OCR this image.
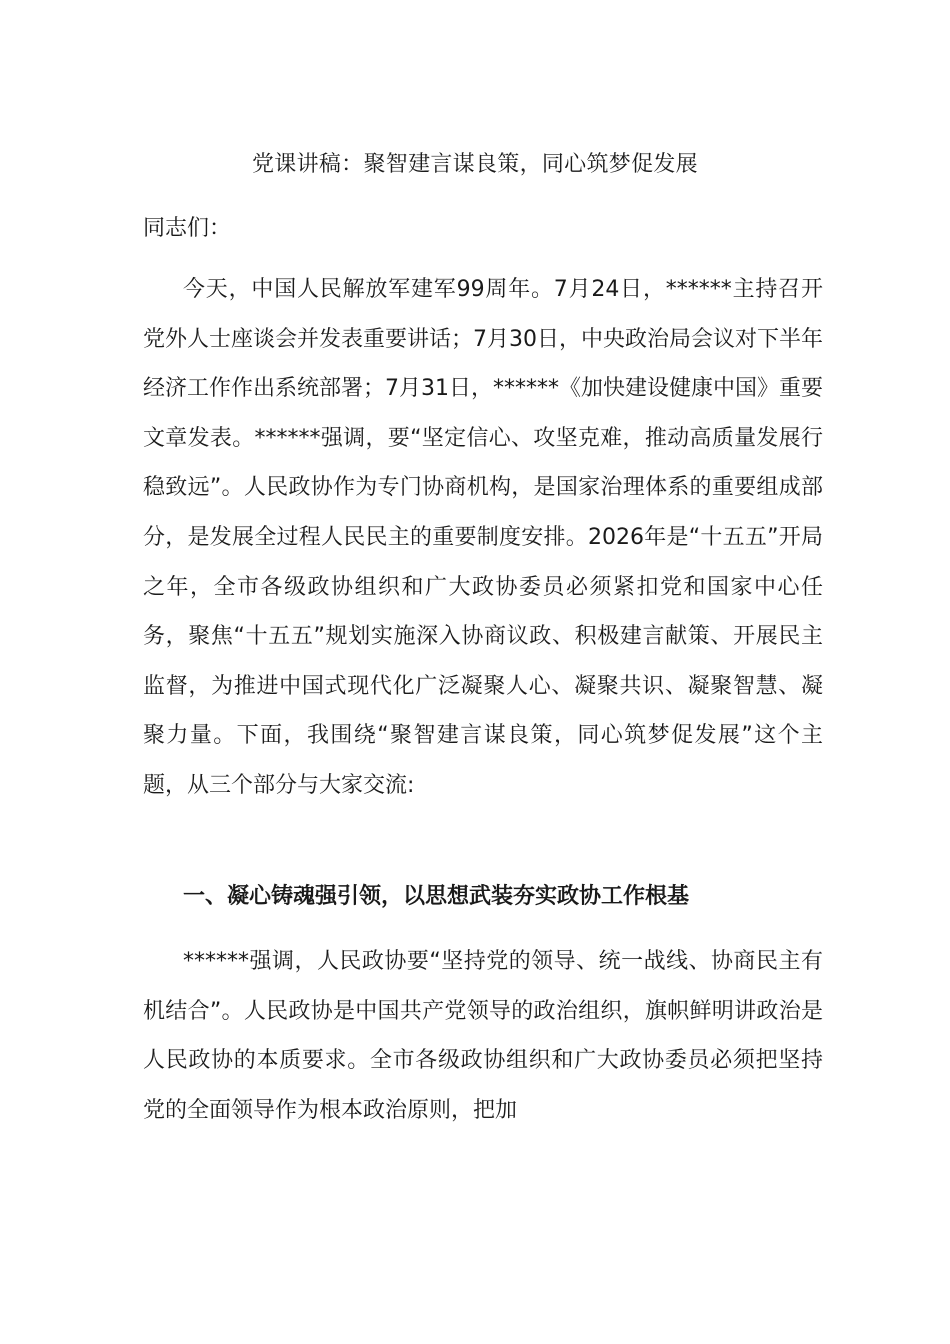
党课讲稿：聚智建言谋良策，同心筑梦促发展
同志们：

今天，中国人民解放军建军99周年。7月24日，******主持召开党外人士座谈会并发表重要讲话；7月30日，中央政治局会议对下半年经济工作作出系统部署；7月31日，******《加快建设健康中国》重要文章发表。******强调，要“坚定信心、攻坚克难，推动高质量发展行稳致远”。人民政协作为专门协商机构，是国家治理体系的重要组成部分，是发展全过程人民民主的重要制度安排。2026年是“十五五”开局之年，全市各级政协组织和广大政协委员必须紧扣党和国家中心任务，聚焦“十五五”规划实施深入协商议政、积极建言献策、开展民主监督，为推进中国式现代化广泛凝聚人心、凝聚共识、凝聚智慧、凝聚力量。下面，我围绕“聚智建言谋良策，同心筑梦促发展”这个主题，从三个部分与大家交流:

一、凝心铸魂强引领，以思想武装夯实政协工作根基

******强调，人民政协要“坚持党的领导、统一战线、协商民主有机结合”。人民政协是中国共产党领导的政治组织，旗帜鲜明讲政治是人民政协的本质要求。全市各级政协组织和广大政协委员必须把坚持党的全面领导作为根本政治原则，把加
